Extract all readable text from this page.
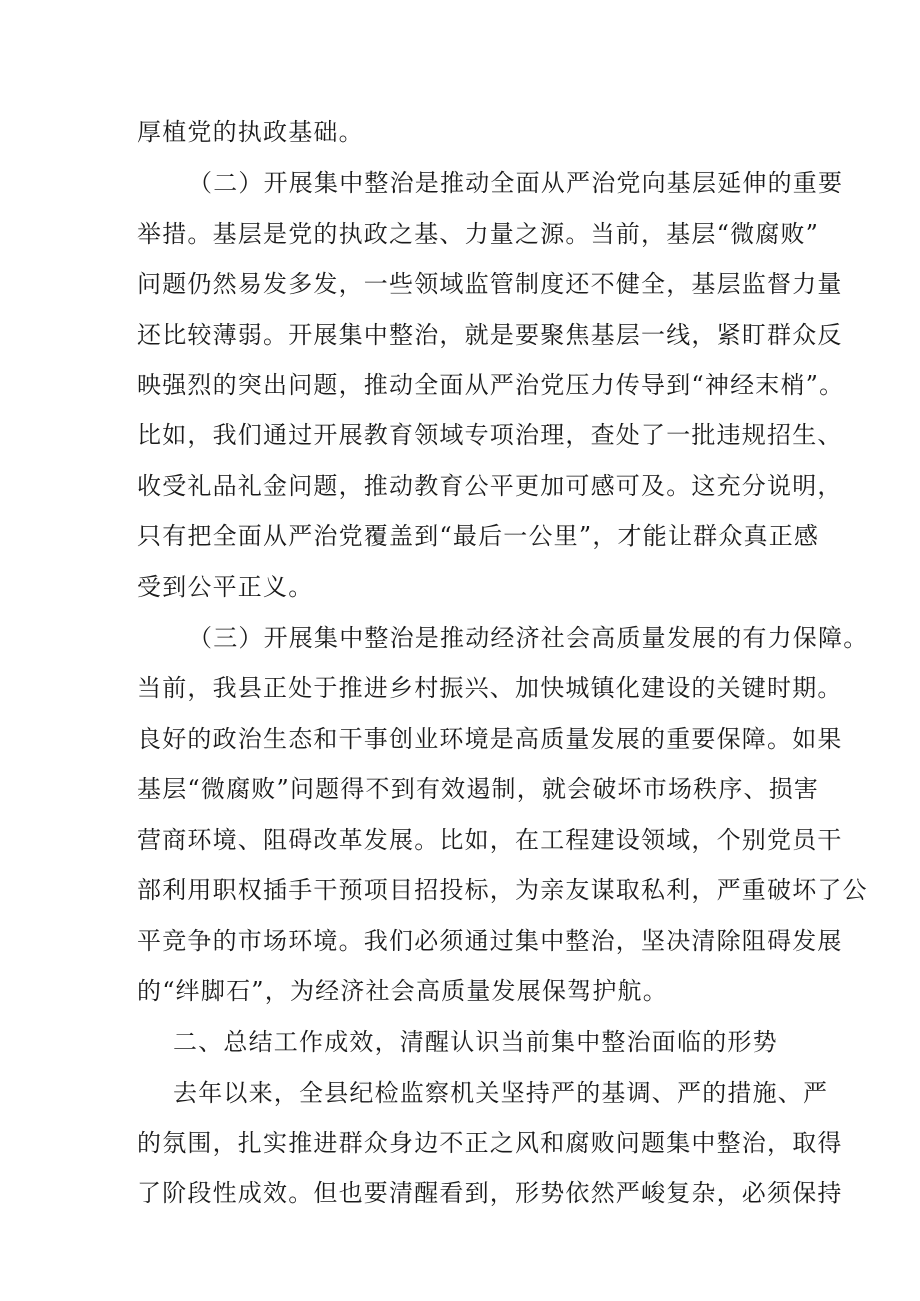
厚植党的执政基础。
（二）开展集中整治是推动全面从严治党向基层延伸的重要
举措。基层是党的执政之基、力量之源。当前，基层“微腐败”
问题仍然易发多发，一些领域监管制度还不健全，基层监督力量
还比较薄弱。开展集中整治，就是要聚焦基层一线，紧盯群众反
映强烈的突出问题，推动全面从严治党压力传导到“神经末梢”。
比如，我们通过开展教育领域专项治理，查处了一批违规招生、
收受礼品礼金问题，推动教育公平更加可感可及。这充分说明，
只有把全面从严治党覆盖到“最后一公里”，才能让群众真正感
受到公平正义。
（三）开展集中整治是推动经济社会高质量发展的有力保障。
当前，我县正处于推进乡村振兴、加快城镇化建设的关键时期。
良好的政治生态和干事创业环境是高质量发展的重要保障。如果
基层“微腐败”问题得不到有效遏制，就会破坏市场秩序、损害
营商环境、阻碍改革发展。比如，在工程建设领域，个别党员干
部利用职权插手干预项目招投标，为亲友谋取私利，严重破坏了公
平竞争的市场环境。我们必须通过集中整治，坚决清除阻碍发展
的“绊脚石”，为经济社会高质量发展保驾护航。
二、总结工作成效，清醒认识当前集中整治面临的形势
去年以来，全县纪检监察机关坚持严的基调、严的措施、严
的氛围，扎实推进群众身边不正之风和腐败问题集中整治，取得
了阶段性成效。但也要清醒看到，形势依然严峻复杂，必须保持
